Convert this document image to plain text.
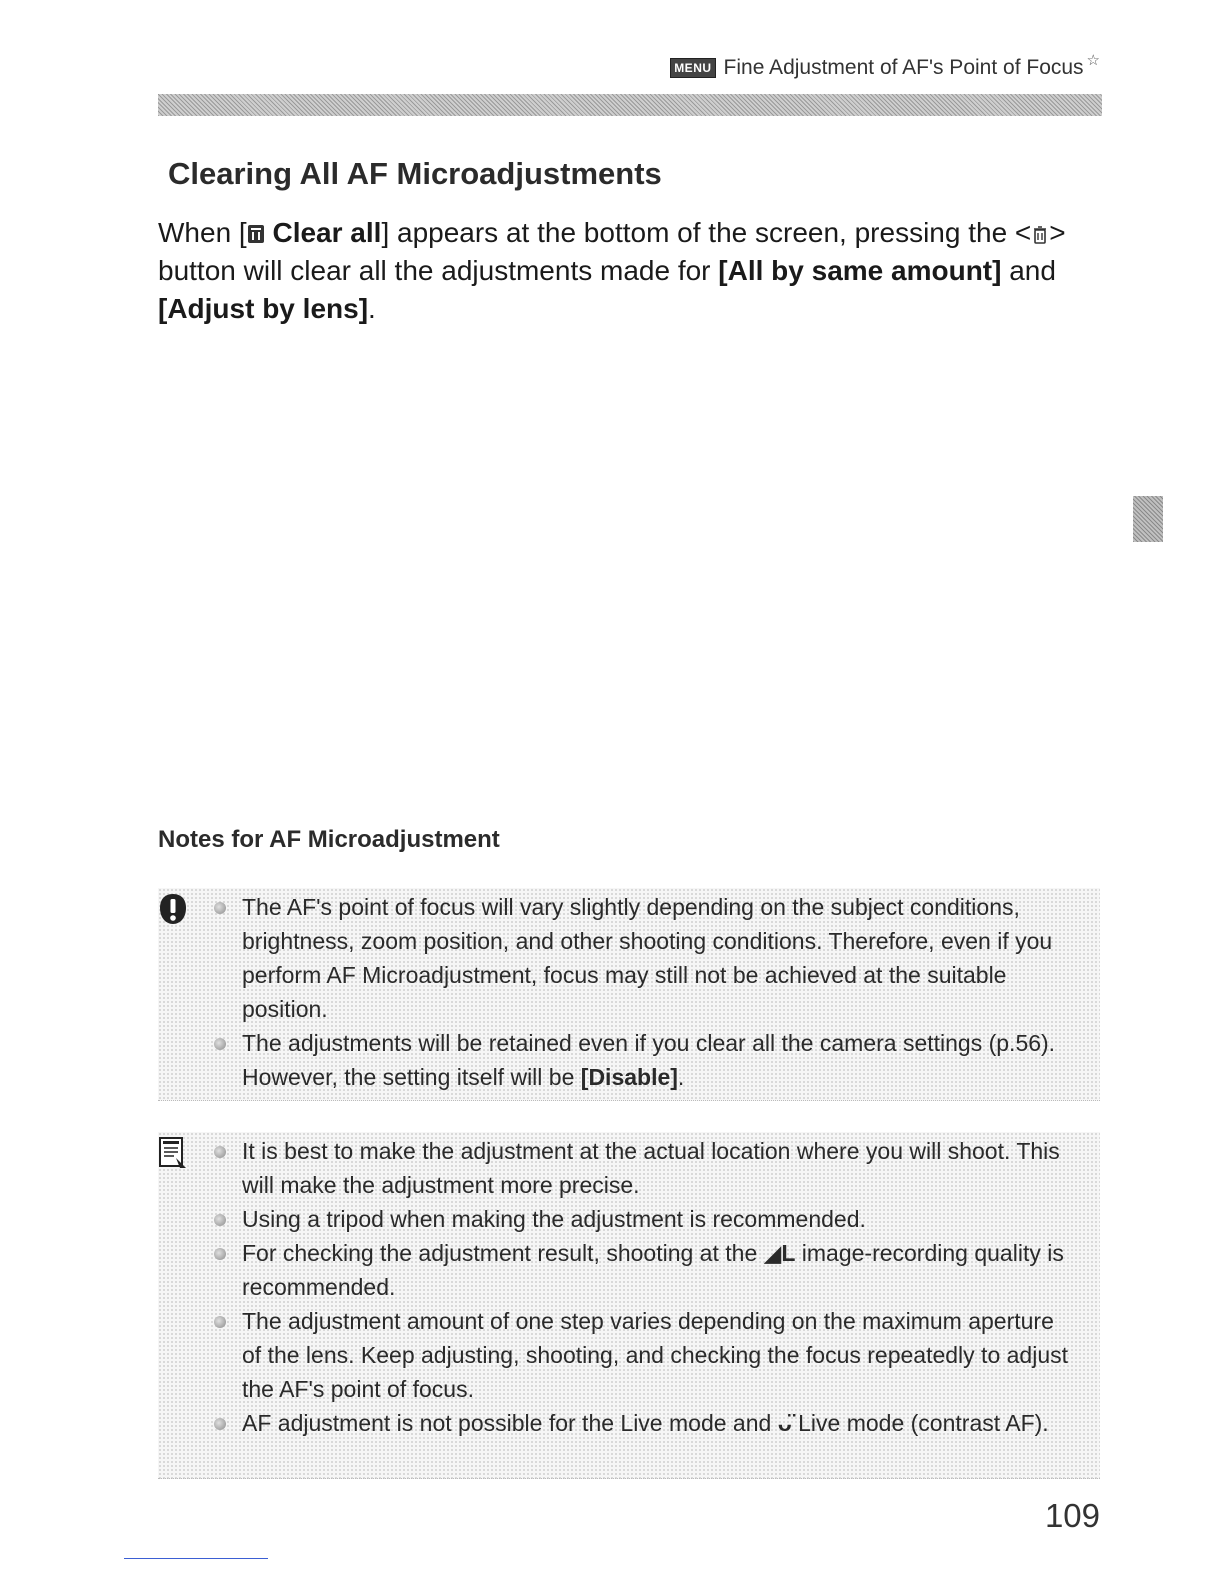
MENU Fine Adjustment of AF's Point of Focus ☆
Clearing All AF Microadjustments

When [ Clear all] appears at the bottom of the screen, pressing the < > button will clear all the adjustments made for [All by same amount] and [Adjust by lens].

Notes for AF Microadjustment
The AF's point of focus will vary slightly depending on the subject conditions, brightness, zoom position, and other shooting conditions. Therefore, even if you perform AF Microadjustment, focus may still not be achieved at the suitable position.
The adjustments will be retained even if you clear all the camera settings (p.56). However, the setting itself will be [Disable].
It is best to make the adjustment at the actual location where you will shoot. This will make the adjustment more precise.
Using a tripod when making the adjustment is recommended.
For checking the adjustment result, shooting at the ◢L image-recording quality is recommended.
The adjustment amount of one step varies depending on the maximum aperture of the lens. Keep adjusting, shooting, and checking the focus repeatedly to adjust the AF's point of focus.
AF adjustment is not possible for the Live mode and ᴗ̈ Live mode (contrast AF).
109
